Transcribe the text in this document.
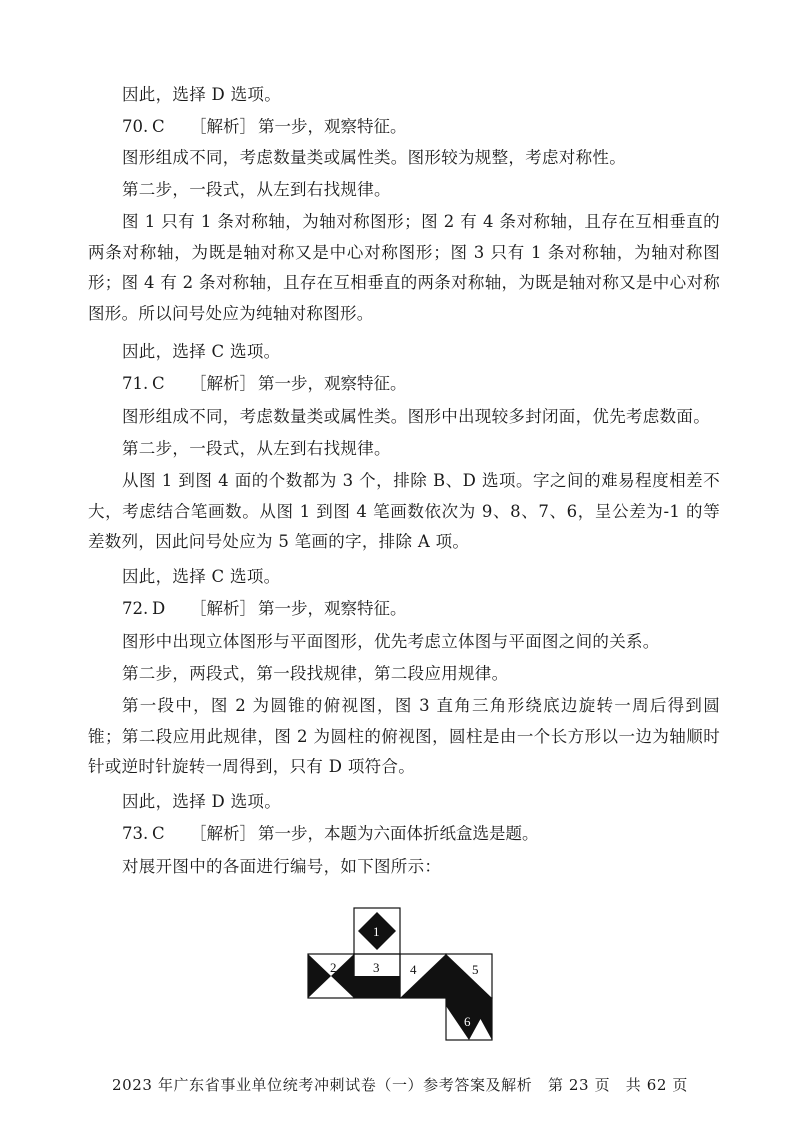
因此，选择 D 选项。
70. C ［解析］ 第一步，观察特征。
图形组成不同，考虑数量类或属性类。图形较为规整，考虑对称性。
第二步，一段式，从左到右找规律。
图 1 只有 1 条对称轴，为轴对称图形；图 2 有 4 条对称轴，且存在互相垂直的两条对称轴，为既是轴对称又是中心对称图形；图 3 只有 1 条对称轴，为轴对称图形；图 4 有 2 条对称轴，且存在互相垂直的两条对称轴，为既是轴对称又是中心对称图形。所以问号处应为纯轴对称图形。
因此，选择 C 选项。
71. C ［解析］ 第一步，观察特征。
图形组成不同，考虑数量类或属性类。图形中出现较多封闭面，优先考虑数面。
第二步，一段式，从左到右找规律。
从图 1 到图 4 面的个数都为 3 个，排除 B、D 选项。字之间的难易程度相差不大，考虑结合笔画数。从图 1 到图 4 笔画数依次为 9、8、7、6，呈公差为-1 的等差数列，因此问号处应为 5 笔画的字，排除 A 项。
因此，选择 C 选项。
72. D ［解析］ 第一步，观察特征。
图形中出现立体图形与平面图形，优先考虑立体图与平面图之间的关系。
第二步，两段式，第一段找规律，第二段应用规律。
第一段中，图 2 为圆锥的俯视图，图 3 直角三角形绕底边旋转一周后得到圆锥；第二段应用此规律，图 2 为圆柱的俯视图，圆柱是由一个长方形以一边为轴顺时针或逆时针旋转一周得到，只有 D 项符合。
因此，选择 D 选项。
73. C ［解析］ 第一步，本题为六面体折纸盒选是题。
对展开图中的各面进行编号，如下图所示：
1
2	3 4	5
6
2023 年广东省事业单位统考冲刺试卷（一）参考答案及解析　第 23 页　共 62 页
